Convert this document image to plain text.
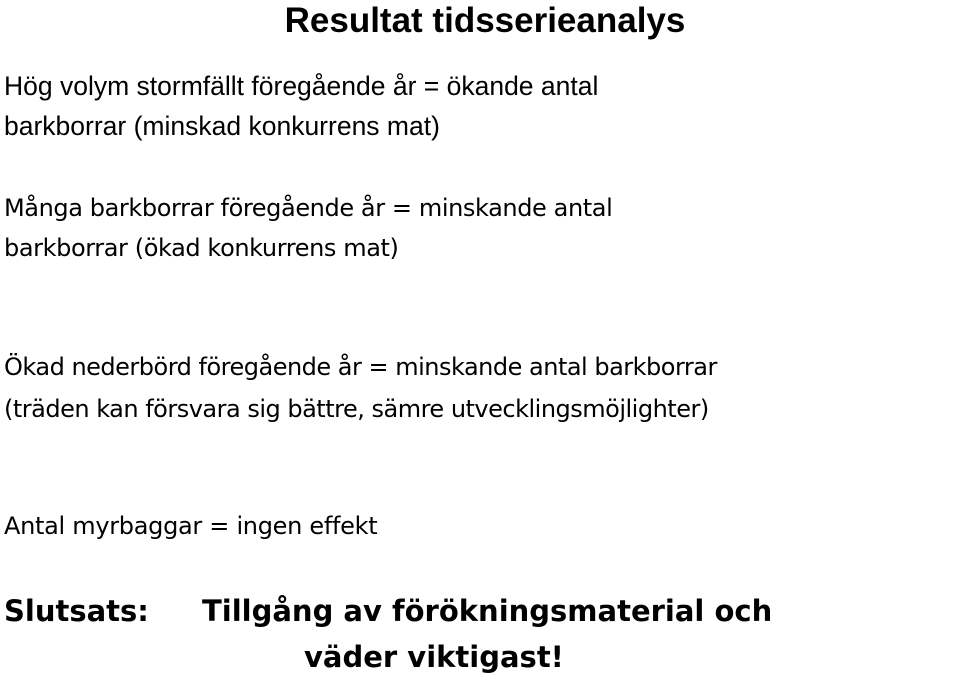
Resultat tidsserieanalys

Hög volym stormfällt föregående år = ökande antal
barkborrar (minskad konkurrens mat)

Många barkborrar föregående år = minskande antal
barkborrar (ökad konkurrens mat)

Ökad nederbörd föregående år = minskande antal barkborrar
(träden kan försvara sig bättre, sämre utvecklingsmöjlighter)

Antal myrbaggar = ingen effekt

Slutsats: Tillgång av förökningsmaterial och
väder viktigast!
